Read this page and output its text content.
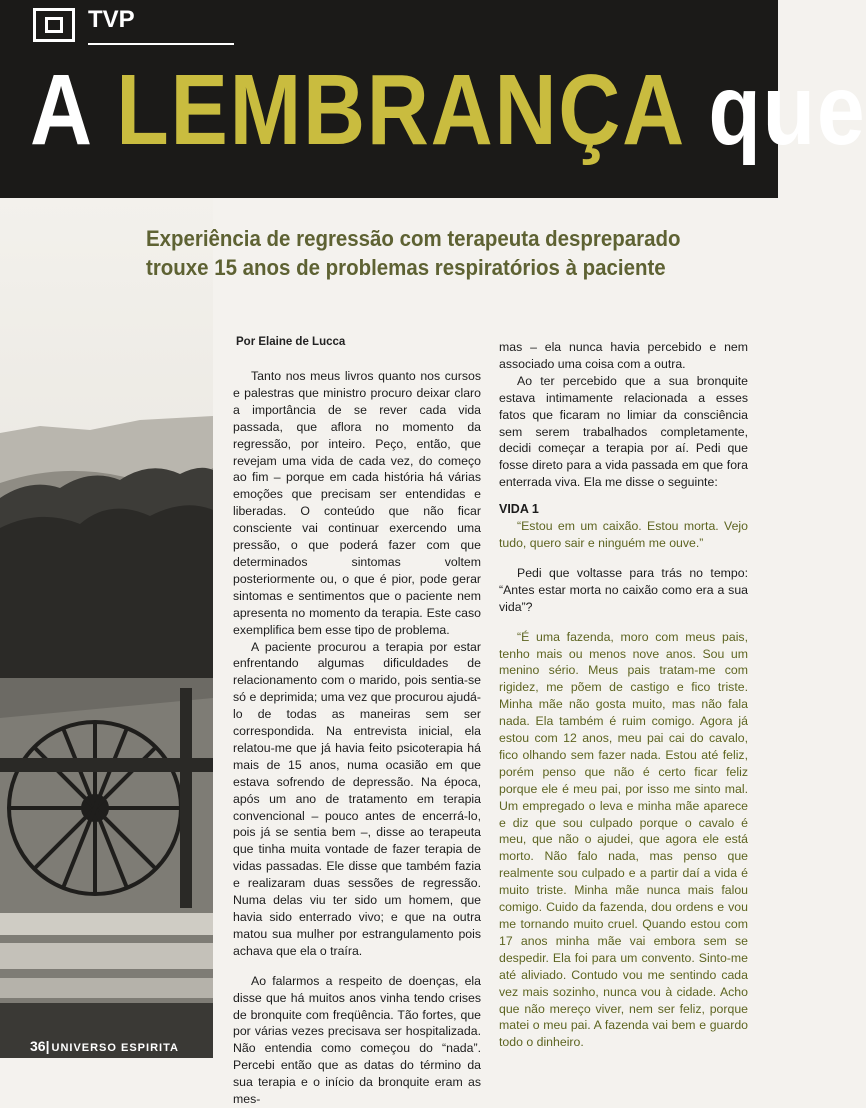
TVP
A LEMBRANÇA que
Experiência de regressão com terapeuta despreparado trouxe 15 anos de problemas respiratórios à paciente
Por Elaine de Lucca

Tanto nos meus livros quanto nos cursos e palestras que ministro procuro deixar claro a importância de se rever cada vida passada, que aflora no momento da regressão, por inteiro. Peço, então, que revejam uma vida de cada vez, do começo ao fim – porque em cada história há várias emoções que precisam ser entendidas e liberadas. O conteúdo que não ficar consciente vai continuar exercendo uma pressão, o que poderá fazer com que determinados sintomas voltem posteriormente ou, o que é pior, pode gerar sintomas e sentimentos que o paciente nem apresenta no momento da terapia. Este caso exemplifica bem esse tipo de problema.

A paciente procurou a terapia por estar enfrentando algumas dificuldades de relacionamento com o marido, pois sentia-se só e deprimida; uma vez que procurou ajudá-lo de todas as maneiras sem ser correspondida. Na entrevista inicial, ela relatou-me que já havia feito psicoterapia há mais de 15 anos, numa ocasião em que estava sofrendo de depressão. Na época, após um ano de tratamento em terapia convencional – pouco antes de encerrá-lo, pois já se sentia bem –, disse ao terapeuta que tinha muita vontade de fazer terapia de vidas passadas. Ele disse que também fazia e realizaram duas sessões de regressão. Numa delas viu ter sido um homem, que havia sido enterrado vivo; e que na outra matou sua mulher por estrangulamento pois achava que ela o traíra.

Ao falarmos a respeito de doenças, ela disse que há muitos anos vinha tendo crises de bronquite com freqüência. Tão fortes, que por várias vezes precisava ser hospitalizada. Não entendia como começou do “nada”. Percebi então que as datas do término da sua terapia e o início da bronquite eram as mes-

mas – ela nunca havia percebido e nem associado uma coisa com a outra.

Ao ter percebido que a sua bronquite estava intimamente relacionada a esses fatos que ficaram no limiar da consciência sem serem trabalhados completamente, decidi começar a terapia por aí. Pedi que fosse direto para a vida passada em que fora enterrada viva. Ela me disse o seguinte:

VIDA 1

“Estou em um caixão. Estou morta. Vejo tudo, quero sair e ninguém me ouve.”

Pedi que voltasse para trás no tempo: “Antes estar morta no caixão como era a sua vida”?

“É uma fazenda, moro com meus pais, tenho mais ou menos nove anos. Sou um menino sério. Meus pais tratam-me com rigidez, me põem de castigo e fico triste. Minha mãe não gosta muito, mas não fala nada. Ela também é ruim comigo. Agora já estou com 12 anos, meu pai cai do cavalo, fico olhando sem fazer nada. Estou até feliz, porém penso que não é certo ficar feliz porque ele é meu pai, por isso me sinto mal. Um empregado o leva e minha mãe aparece e diz que sou culpado porque o cavalo é meu, que não o ajudei, que agora ele está morto. Não falo nada, mas penso que realmente sou culpado e a partir daí a vida é muito triste. Minha mãe nunca mais falou comigo. Cuido da fazenda, dou ordens e vou me tornando muito cruel. Quando estou com 17 anos minha mãe vai embora sem se despedir. Ela foi para um convento. Sinto-me até aliviado. Contudo vou me sentindo cada vez mais sozinho, nunca vou à cidade. Acho que não mereço viver, nem ser feliz, porque matei o meu pai. A fazenda vai bem e guardo todo o dinheiro.

36| UNIVERSO ESPIRITA
